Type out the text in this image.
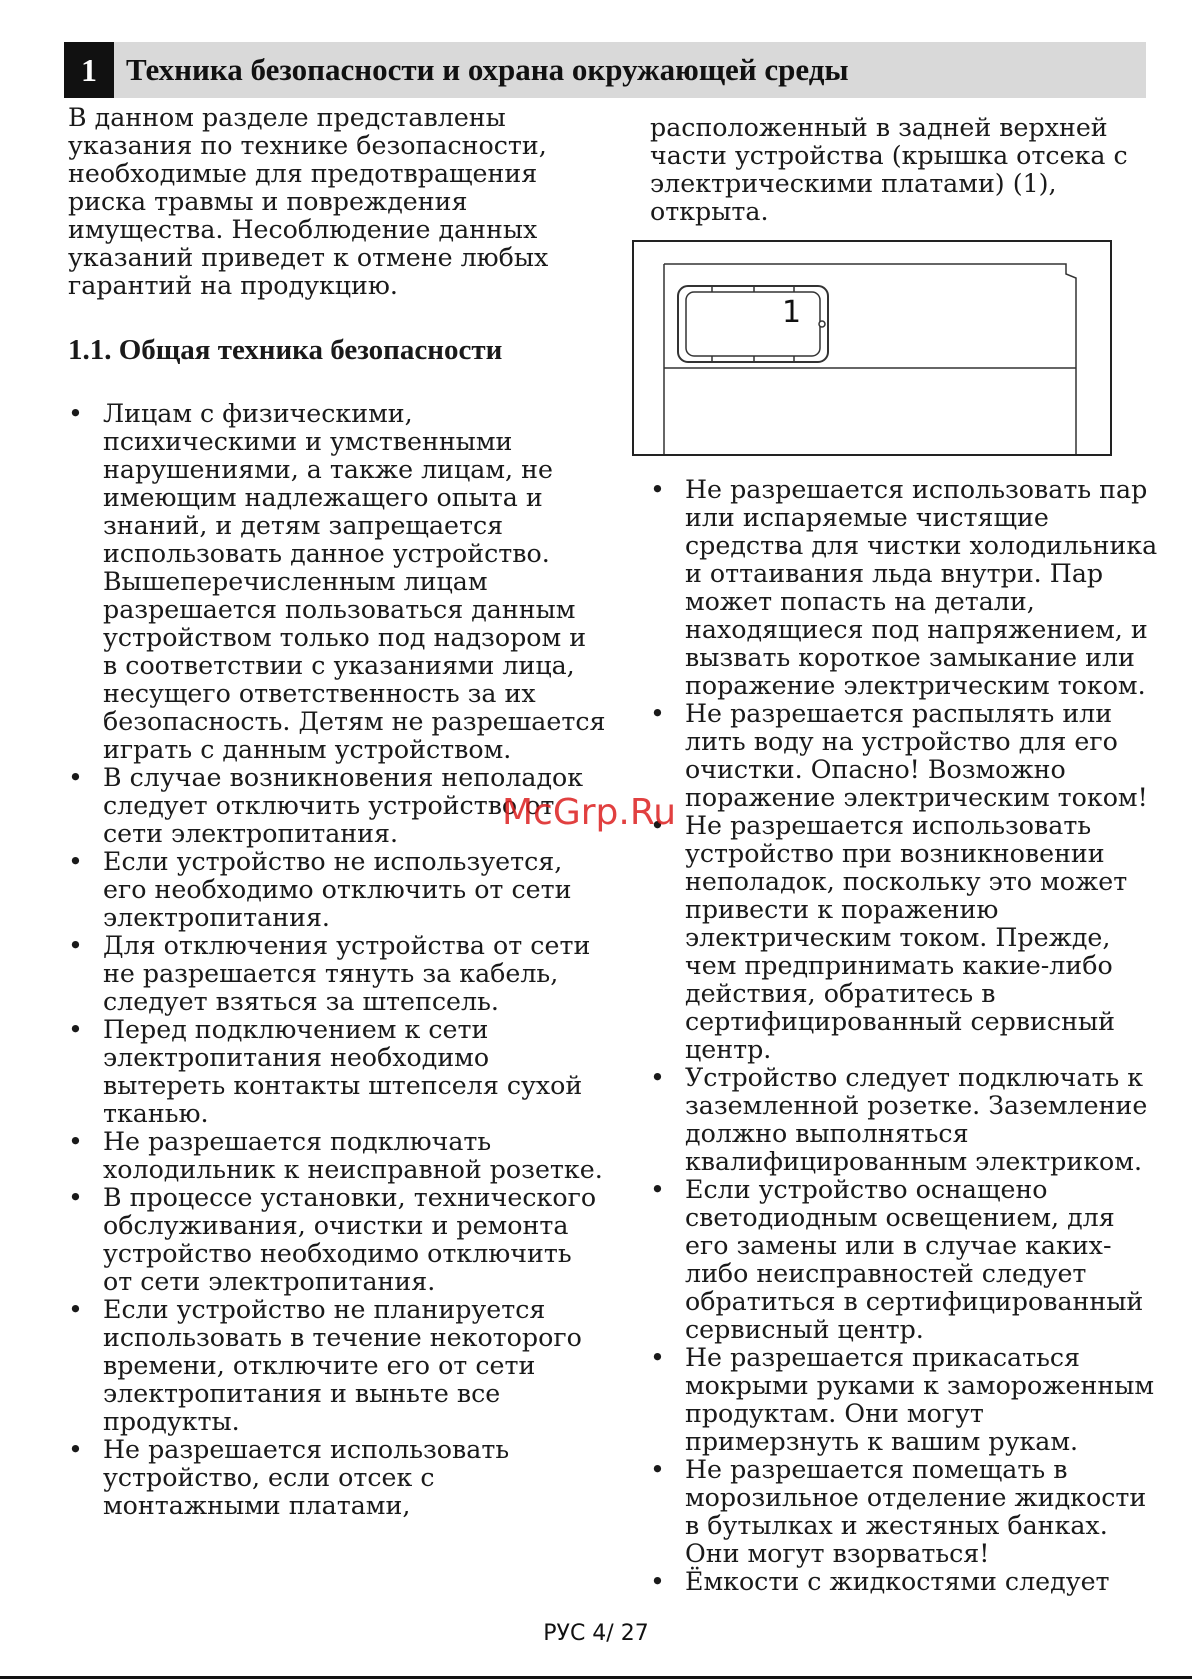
1 Техника безопасности и охрана окружающей среды

В данном разделе представлены указания по технике безопасности, необходимые для предотвращения риска травмы и повреждения имущества. Несоблюдение данных указаний приведет к отмене любых гарантий на продукцию.

1.1. Общая техника безопасности
• Лицам с физическими, психическими и умственными нарушениями, а также лицам, не имеющим надлежащего опыта и знаний, и детям запрещается использовать данное устройство. Вышеперечисленным лицам разрешается пользоваться данным устройством только под надзором и в соответствии с указаниями лица, несущего ответственность за их безопасность. Детям не разрешается играть с данным устройством.
• В случае возникновения неполадок следует отключить устройство от сети электропитания.
• Если устройство не используется, его необходимо отключить от сети электропитания.
• Для отключения устройства от сети не разрешается тянуть за кабель, следует взяться за штепсель.
• Перед подключением к сети электропитания необходимо вытереть контакты штепселя сухой тканью.
• Не разрешается подключать холодильник к неисправной розетке.
• В процессе установки, технического обслуживания, очистки и ремонта устройство необходимо отключить от сети электропитания.
• Если устройство не планируется использовать в течение некоторого времени, отключите его от сети электропитания и выньте все продукты.
• Не разрешается использовать устройство, если отсек с монтажными платами,

расположенный в задней верхней части устройства (крышка отсека с электрическими платами) (1), открыта.

1
• Не разрешается использовать пар или испаряемые чистящие средства для чистки холодильника и оттаивания льда внутри. Пар может попасть на детали, находящиеся под напряжением, и вызвать короткое замыкание или поражение электрическим током.
• Не разрешается распылять или лить воду на устройство для его очистки. Опасно! Возможно поражение электрическим током!
• Не разрешается использовать устройство при возникновении неполадок, поскольку это может привести к поражению электрическим током. Прежде, чем предпринимать какие-либо действия, обратитесь в сертифицированный сервисный центр.
• Устройство следует подключать к заземленной розетке. Заземление должно выполняться квалифицированным электриком.
• Если устройство оснащено светодиодным освещением, для его замены или в случае каких-либо неисправностей следует обратиться в сертифицированный сервисный центр.
• Не разрешается прикасаться мокрыми руками к замороженным продуктам. Они могут примерзнуть к вашим рукам.
• Не разрешается помещать в морозильное отделение жидкости в бутылках и жестяных банках. Они могут взорваться!
• Ёмкости с жидкостями следует
McGrp.Ru
РУС 4/ 27
